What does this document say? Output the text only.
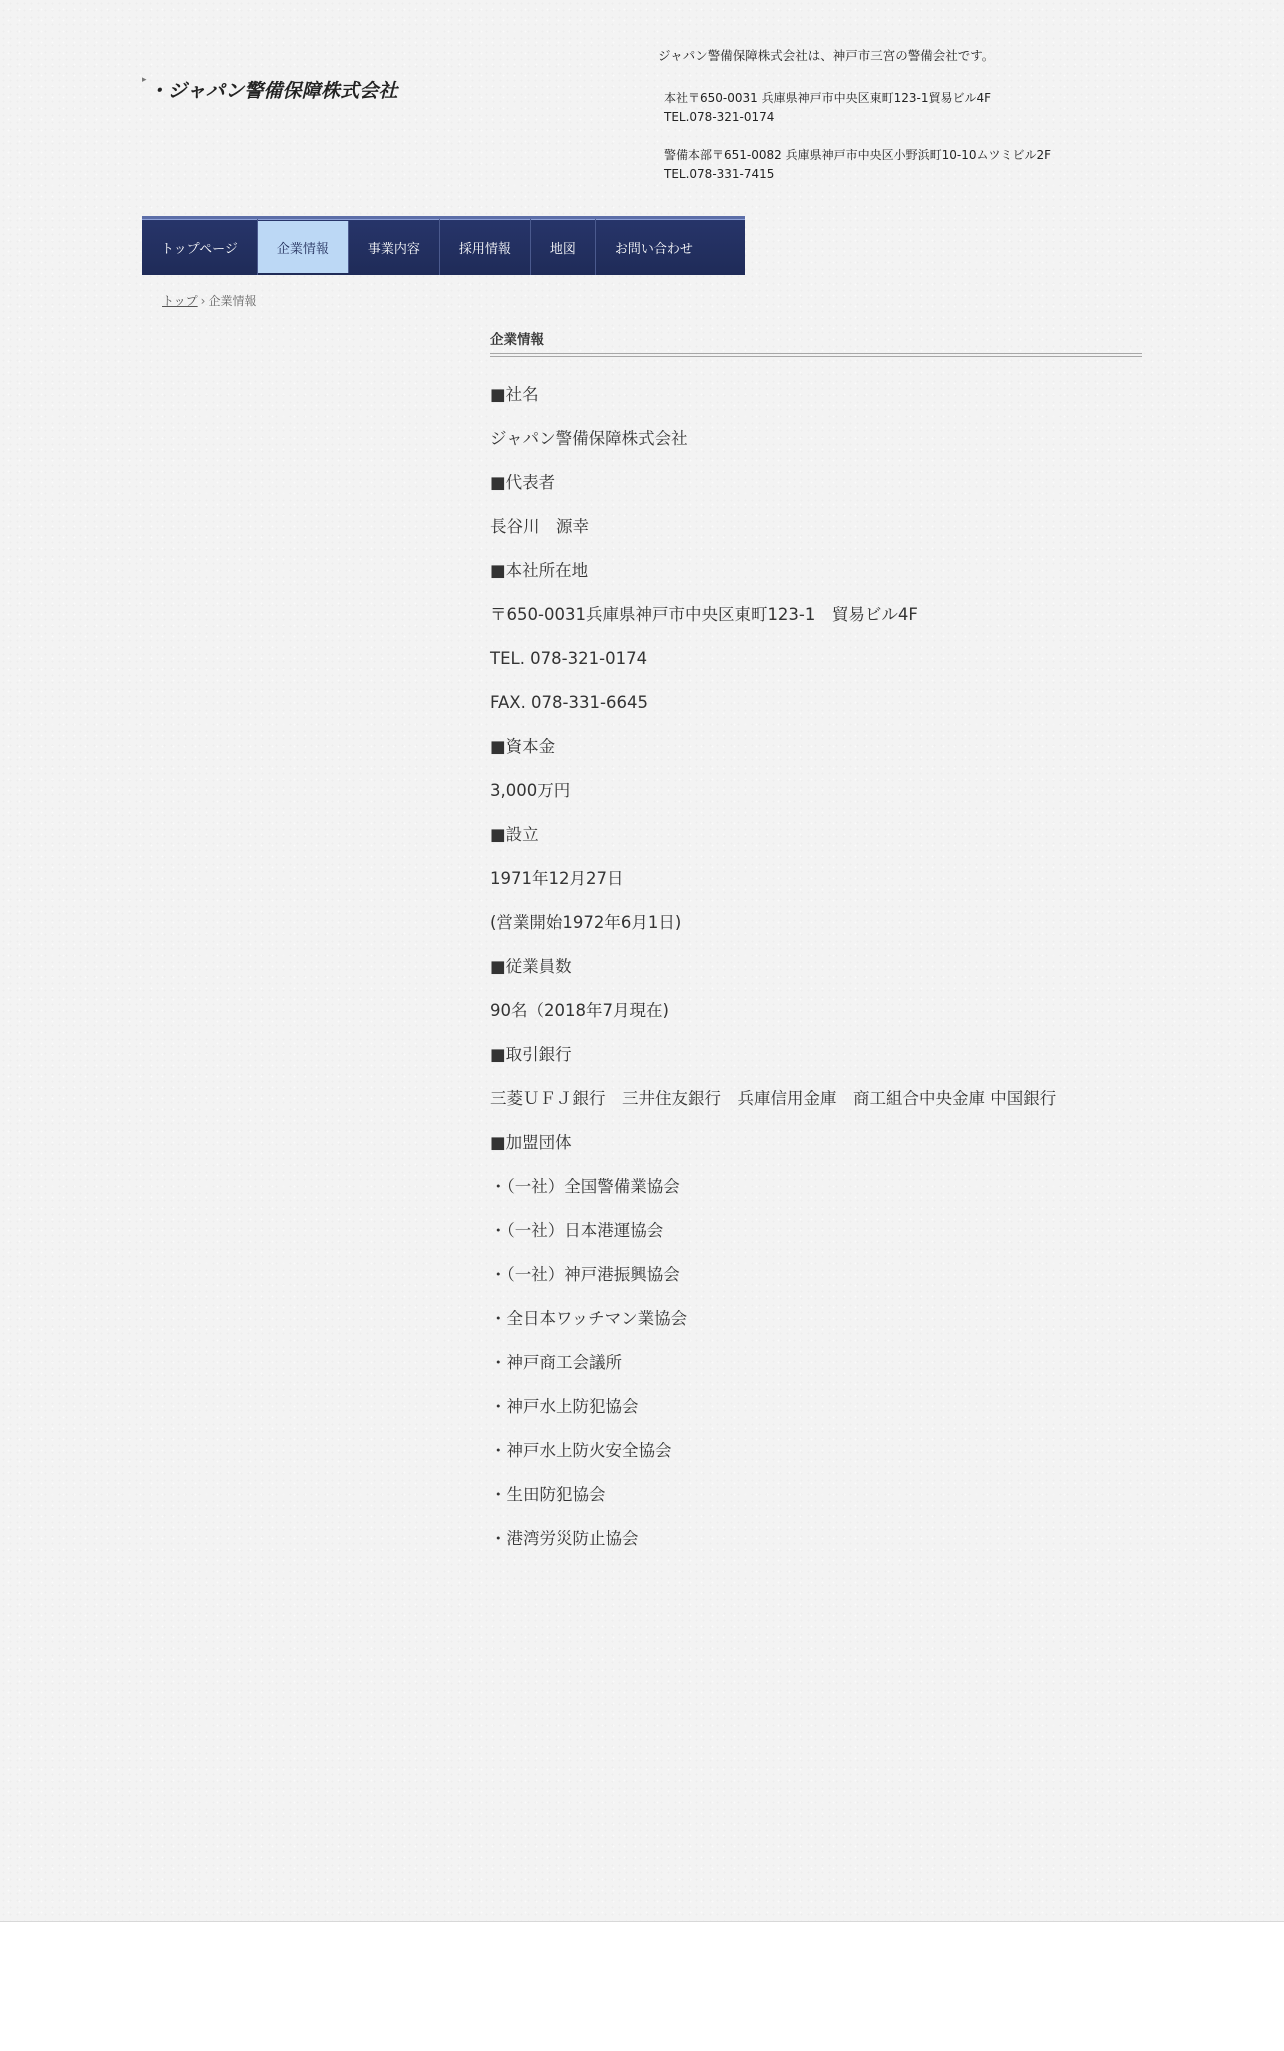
▸ ・ジャパン警備保障株式会社
ジャパン警備保障株式会社は、神戸市三宮の警備会社です。
本社〒650-0031 兵庫県神戸市中央区東町123-1貿易ビル4F
TEL.078-321-0174
警備本部〒651-0082 兵庫県神戸市中央区小野浜町10-10ムツミビル2F
TEL.078-331-7415
トップページ	企業情報	事業内容	採用情報	地図	お問い合わせ
トップ › 企業情報
企業情報

■社名

ジャパン警備保障株式会社

■代表者

長谷川　源幸

■本社所在地

〒650-0031兵庫県神戸市中央区東町123-1　貿易ビル4F

TEL. 078-321-0174

FAX. 078-331-6645

■資本金

3,000万円

■設立

1971年12月27日

(営業開始1972年6月1日)

■従業員数

90名（2018年7月現在)

■取引銀行

三菱ＵＦＪ銀行　三井住友銀行　兵庫信用金庫　商工組合中央金庫 中国銀行

■加盟団体

・（一社）全国警備業協会

・（一社）日本港運協会

・（一社）神戸港振興協会

・全日本ワッチマン業協会

・神戸商工会議所

・神戸水上防犯協会

・神戸水上防火安全協会

・生田防犯協会

・港湾労災防止協会
